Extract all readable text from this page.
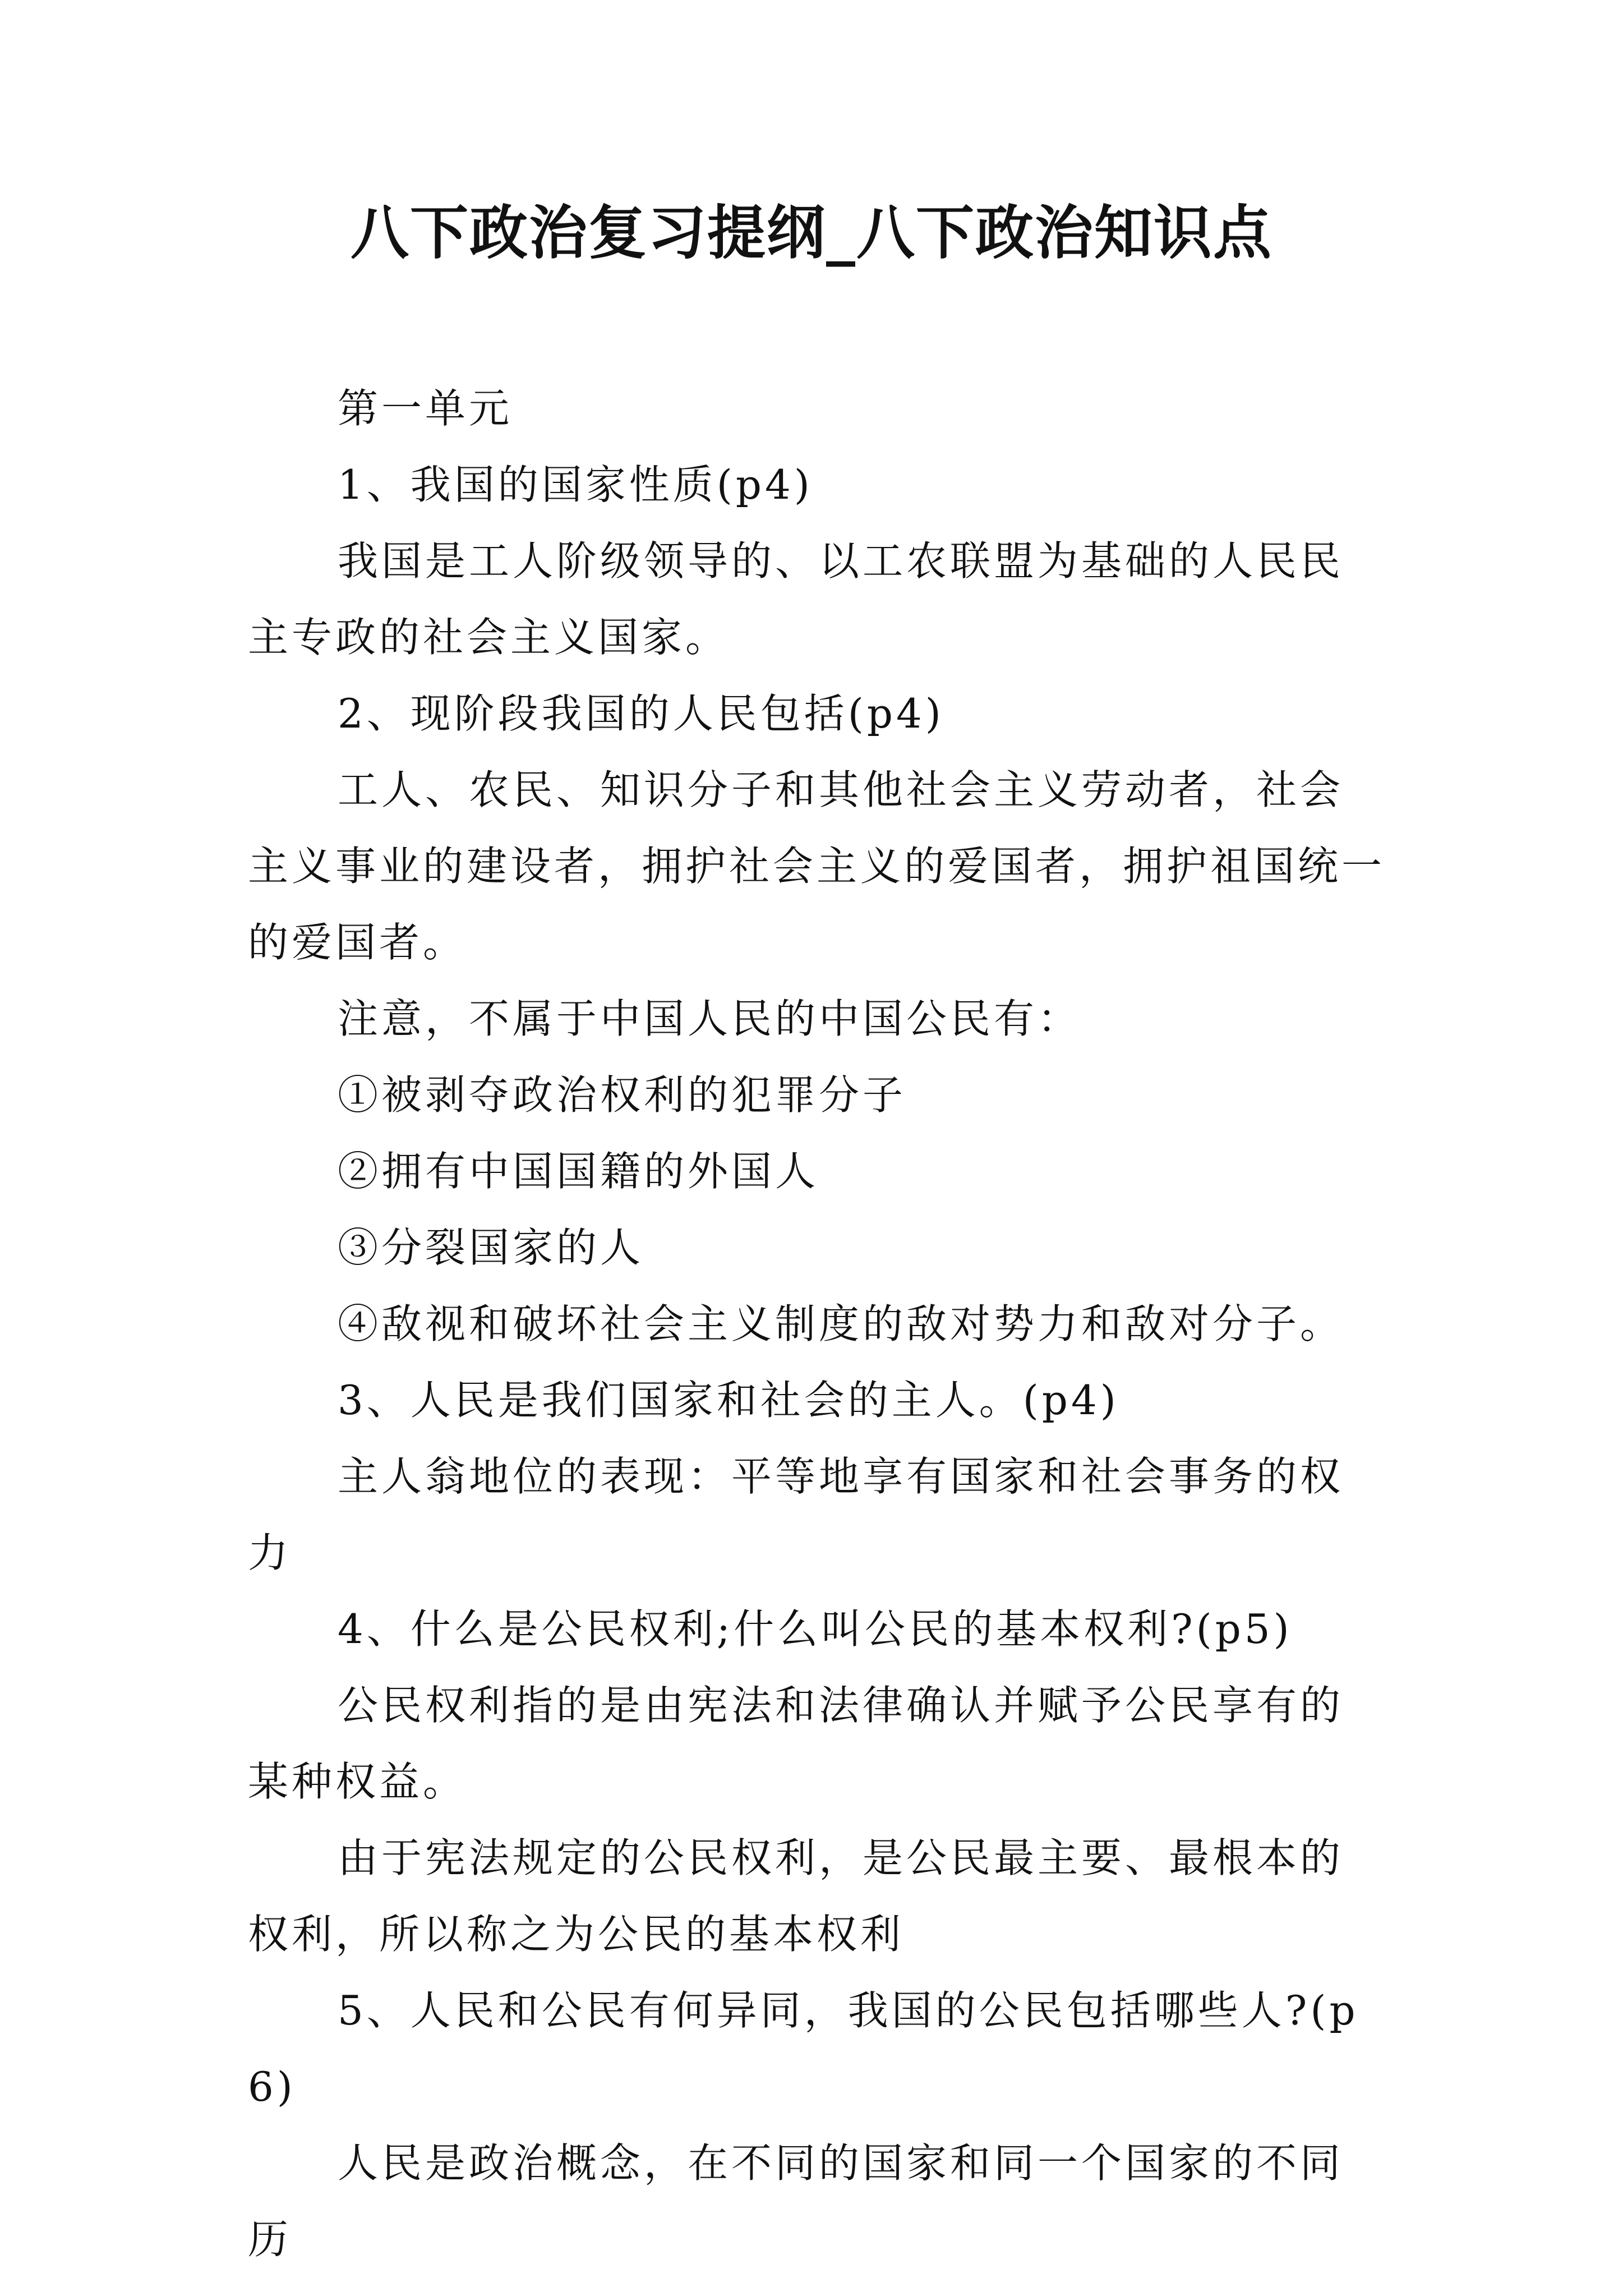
八下政治复习提纲_八下政治知识点

第一单元

1、我国的国家性质(p4)

我国是工人阶级领导的、以工农联盟为基础的人民民主专政的社会主义国家。

2、现阶段我国的人民包括(p4)

工人、农民、知识分子和其他社会主义劳动者，社会主义事业的建设者，拥护社会主义的爱国者，拥护祖国统一的爱国者。

注意，不属于中国人民的中国公民有：

①被剥夺政治权利的犯罪分子

②拥有中国国籍的外国人

③分裂国家的人

④敌视和破坏社会主义制度的敌对势力和敌对分子。

3、人民是我们国家和社会的主人。(p4)

主人翁地位的表现：平等地享有国家和社会事务的权力

4、什么是公民权利;什么叫公民的基本权利?(p5)

公民权利指的是由宪法和法律确认并赋予公民享有的某种权益。

由于宪法规定的公民权利，是公民最主要、最根本的权利，所以称之为公民的基本权利

5、人民和公民有何异同，我国的公民包括哪些人?(p6)

人民是政治概念，在不同的国家和同一个国家的不同历
